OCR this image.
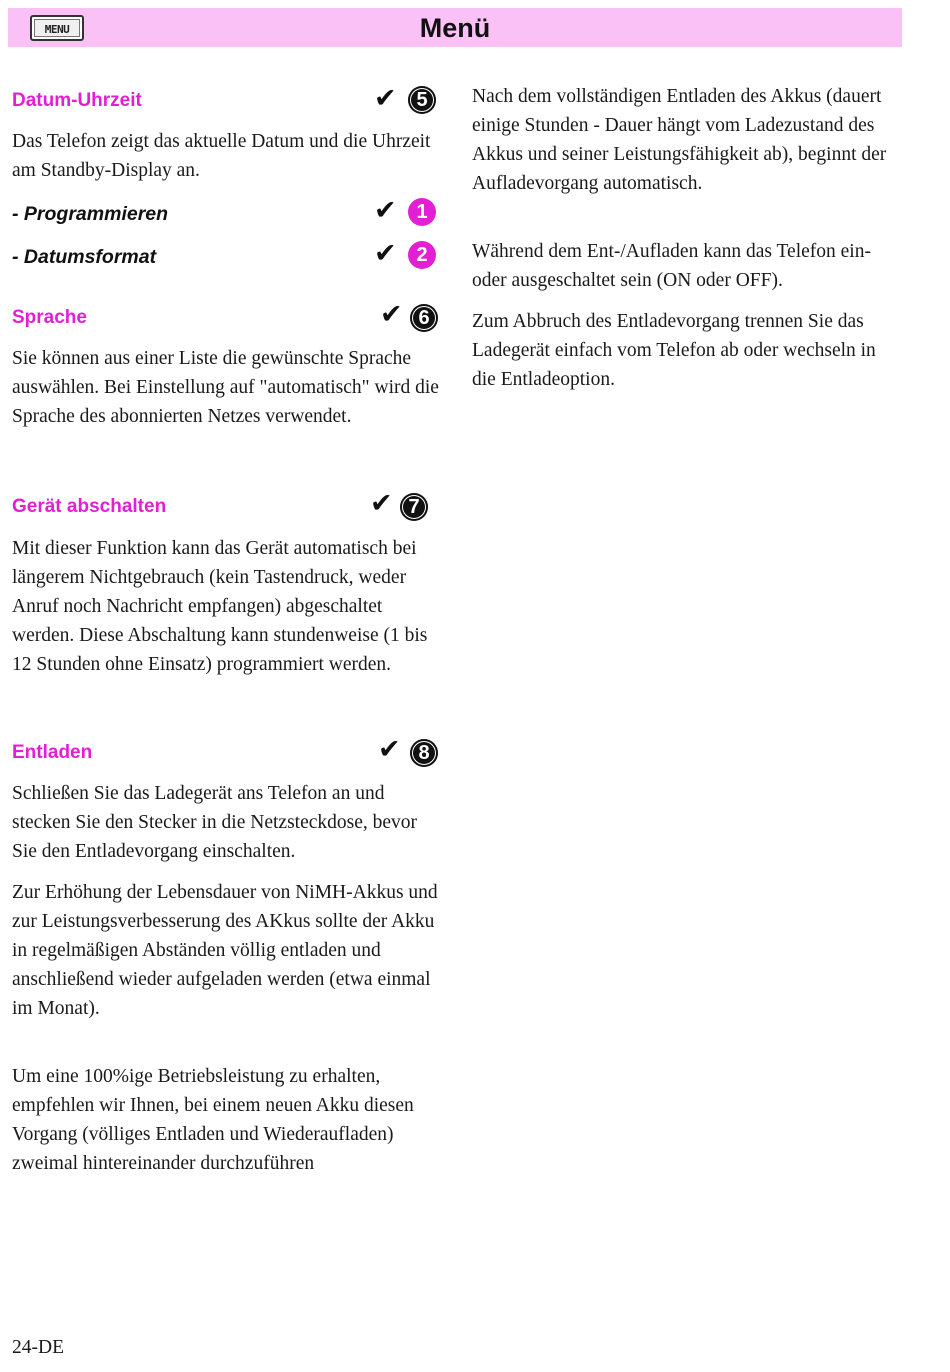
MENU	Menü
Datum-Uhrzeit	✔ 5

Das Telefon zeigt das aktuelle Datum und die Uhrzeit am Standby-Display an.

- Programmieren	✔ 1
- Datumsformat	✔ 2
Sprache	✔ 6

Sie können aus einer Liste die gewünschte Sprache auswählen. Bei Einstellung auf "automatisch" wird die Sprache des abonnierten Netzes verwendet.

Gerät abschalten	✔ 7

Mit dieser Funktion kann das Gerät automatisch bei längerem Nichtgebrauch (kein Tastendruck, weder Anruf noch Nachricht empfangen) abgeschaltet werden. Diese Abschaltung kann stundenweise (1 bis 12 Stunden ohne Einsatz) programmiert werden.

Entladen	✔ 8

Schließen Sie das Ladegerät ans Telefon an und stecken Sie den Stecker in die Netzsteckdose, bevor Sie den Entladevorgang einschalten.

Zur Erhöhung der Lebensdauer von NiMH-Akkus und zur Leistungsverbesserung des AKkus sollte der Akku in regelmäßigen Abständen völlig entladen und anschließend wieder aufgeladen werden (etwa einmal im Monat).

Um eine 100%ige Betriebsleistung zu erhalten, empfehlen wir Ihnen, bei einem neuen Akku diesen Vorgang (völliges Entladen und Wiederaufladen) zweimal hintereinander durchzuführen

Nach dem vollständigen Entladen des Akkus (dauert einige Stunden - Dauer hängt vom Ladezustand des Akkus und seiner Leistungsfähigkeit ab), beginnt der Aufladevorgang automatisch.

Während dem Ent-/Aufladen kann das Telefon ein- oder ausgeschaltet sein (ON oder OFF).

Zum Abbruch des Entladevorgang trennen Sie das Ladegerät einfach vom Telefon ab oder wechseln in die Entladeoption.

24-DE
